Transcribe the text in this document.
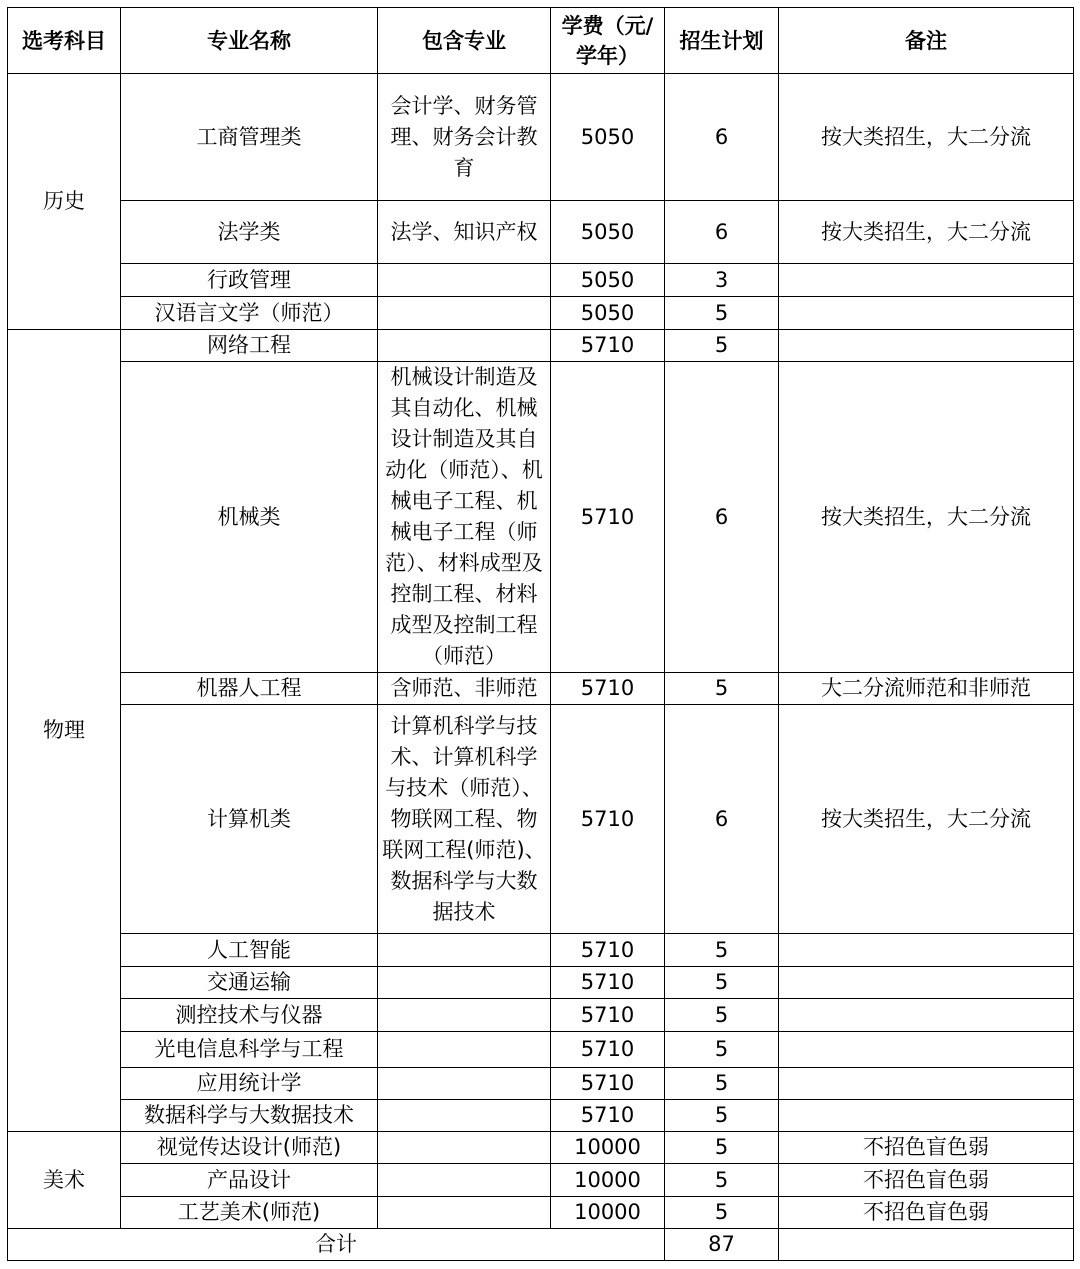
选考科目	专业名称	包含专业	学费（元/学年）	招生计划	备注
历史	工商管理类	会计学、财务管理、财务会计教育	5050	6	按大类招生，大二分流
	法学类	法学、知识产权	5050	6	按大类招生，大二分流
	行政管理		5050	3	
	汉语言文学（师范）		5050	5	
物理	网络工程		5710	5	
	机械类	机械设计制造及其自动化、机械设计制造及其自动化（师范）、机械电子工程、机械电子工程（师范）、材料成型及控制工程、材料成型及控制工程（师范）	5710	6	按大类招生，大二分流
	机器人工程	含师范、非师范	5710	5	大二分流师范和非师范
	计算机类	计算机科学与技术、计算机科学与技术（师范）、物联网工程、物联网工程(师范)、数据科学与大数据技术	5710	6	按大类招生，大二分流
	人工智能		5710	5	
	交通运输		5710	5	
	测控技术与仪器		5710	5	
	光电信息科学与工程		5710	5	
	应用统计学		5710	5	
	数据科学与大数据技术		5710	5	
美术	视觉传达设计(师范)		10000	5	不招色盲色弱
	产品设计		10000	5	不招色盲色弱
	工艺美术(师范)		10000	5	不招色盲色弱
合计				87	
